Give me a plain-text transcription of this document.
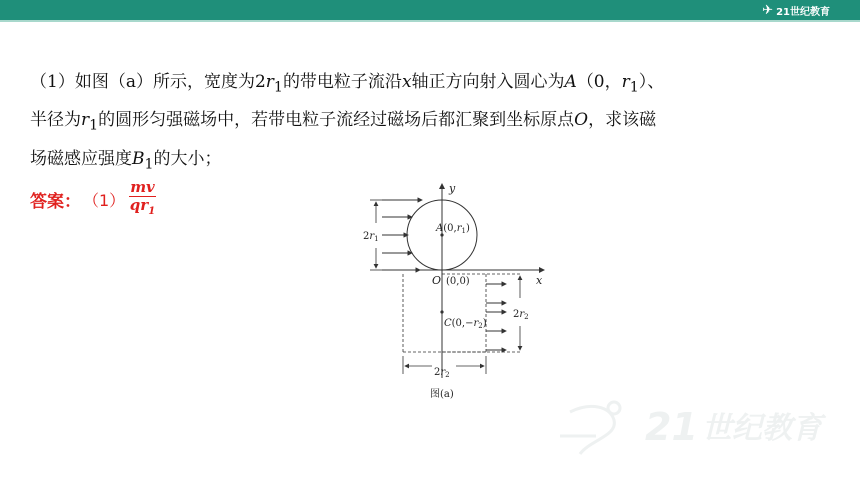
✈ 21世纪教育
（1）如图（a）所示，宽度为$2r_1$的带电粒子流沿x轴正方向射入圆心为A（0，$r_1$）、
半径为$r_1$的圆形匀强磁场中，若带电粒子流经过磁场后都汇聚到坐标原点O，求该磁
场磁感应强度$B_1$的大小；
答案： $(1) \frac{mv}{qr_1}$	y
x
$A(0,r_1)$
$2r_1$
O (0,0)
$C(0,-r_2)$
$2r_2$
$2r_2$
图(a)
21 世纪教育
